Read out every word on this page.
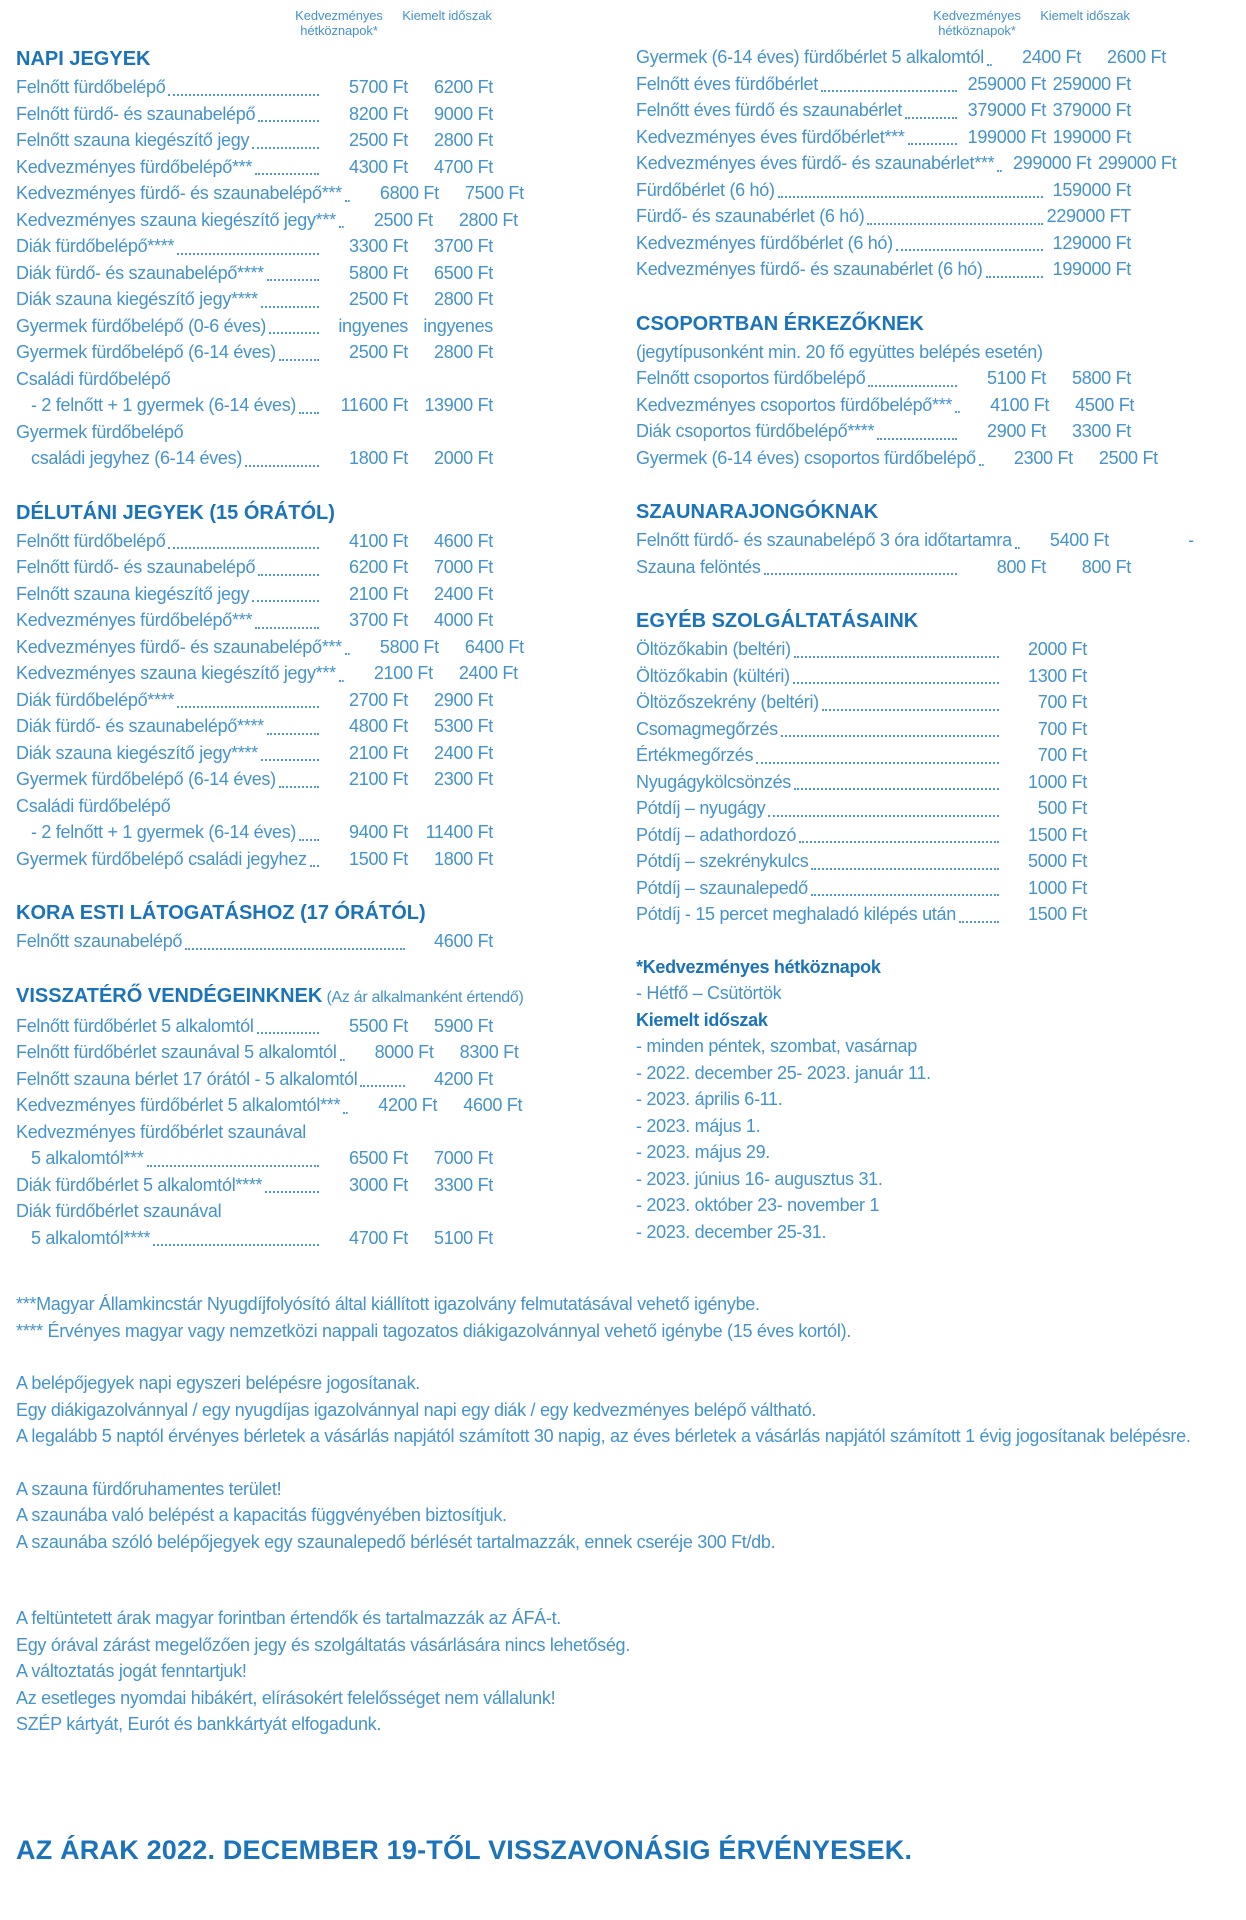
Kedvezményes hétköznapok*
Kiemelt időszak
NAPI JEGYEK
Felnőtt fürdőbelépő	5700 Ft	6200 Ft
Felnőtt fürdő- és szaunabelépő	8200 Ft	9000 Ft
Felnőtt szauna kiegészítő jegy	2500 Ft	2800 Ft
Kedvezményes fürdőbelépő***	4300 Ft	4700 Ft
Kedvezményes fürdő- és szaunabelépő***	6800 Ft	7500 Ft
Kedvezményes szauna kiegészítő jegy***	2500 Ft	2800 Ft
Diák fürdőbelépő****	3300 Ft	3700 Ft
Diák fürdő- és szaunabelépő****	5800 Ft	6500 Ft
Diák szauna kiegészítő jegy****	2500 Ft	2800 Ft
Gyermek fürdőbelépő (0-6 éves)	ingyenes ingyenes
Gyermek fürdőbelépő (6-14 éves)	2500 Ft	2800 Ft
Családi fürdőbelépő
- 2 felnőtt + 1 gyermek (6-14 éves)	11600 Ft 13900 Ft
Gyermek fürdőbelépő
családi jegyhez (6-14 éves)	1800 Ft	2000 Ft
DÉLUTÁNI JEGYEK (15 ÓRÁTÓL)
Felnőtt fürdőbelépő	4100 Ft	4600 Ft
Felnőtt fürdő- és szaunabelépő	6200 Ft	7000 Ft
Felnőtt szauna kiegészítő jegy	2100 Ft	2400 Ft
Kedvezményes fürdőbelépő***	3700 Ft	4000 Ft
Kedvezményes fürdő- és szaunabelépő***	5800 Ft	6400 Ft
Kedvezményes szauna kiegészítő jegy***	2100 Ft	2400 Ft
Diák fürdőbelépő****	2700 Ft	2900 Ft
Diák fürdő- és szaunabelépő****	4800 Ft	5300 Ft
Diák szauna kiegészítő jegy****	2100 Ft	2400 Ft
Gyermek fürdőbelépő (6-14 éves)	2100 Ft	2300 Ft
Családi fürdőbelépő
- 2 felnőtt + 1 gyermek (6-14 éves)	9400 Ft 11400 Ft
Gyermek fürdőbelépő családi jegyhez	1500 Ft	1800 Ft
KORA ESTI LÁTOGATÁSHOZ (17 ÓRÁTÓL)
Felnőtt szaunabelépő	4600 Ft
VISSZATÉRŐ VENDÉGEINKNEK (Az ár alkalmanként értendő)
Felnőtt fürdőbérlet 5 alkalomtól	5500 Ft	5900 Ft
Felnőtt fürdőbérlet szaunával 5 alkalomtól	8000 Ft	8300 Ft
Felnőtt szauna bérlet 17 órától - 5 alkalomtól	4200 Ft
Kedvezményes fürdőbérlet 5 alkalomtól***	4200 Ft	4600 Ft
Kedvezményes fürdőbérlet szaunával
5 alkalomtól***	6500 Ft	7000 Ft
Diák fürdőbérlet 5 alkalomtól****	3000 Ft	3300 Ft
Diák fürdőbérlet szaunával
5 alkalomtól****	4700 Ft	5100 Ft
Kedvezményes hétköznapok*
Kiemelt időszak
Gyermek (6-14 éves) fürdőbérlet 5 alkalomtól	2400 Ft	2600 Ft
Felnőtt éves fürdőbérlet	259000 Ft 259000 Ft
Felnőtt éves fürdő és szaunabérlet	379000 Ft 379000 Ft
Kedvezményes éves fürdőbérlet***	199000 Ft 199000 Ft
Kedvezményes éves fürdő- és szaunabérlet***	299000 Ft 299000 Ft
Fürdőbérlet (6 hó)	159000 Ft
Fürdő- és szaunabérlet (6 hó)	229000 FT
Kedvezményes fürdőbérlet (6 hó)	129000 Ft
Kedvezményes fürdő- és szaunabérlet (6 hó)	199000 Ft
CSOPORTBAN ÉRKEZŐKNEK
(jegytípusonként min. 20 fő együttes belépés esetén)
Felnőtt csoportos fürdőbelépő	5100 Ft	5800 Ft
Kedvezményes csoportos fürdőbelépő***	4100 Ft	4500 Ft
Diák csoportos fürdőbelépő****	2900 Ft	3300 Ft
Gyermek (6-14 éves) csoportos fürdőbelépő	2300 Ft	2500 Ft
SZAUNARAJONGÓKNAK
Felnőtt fürdő- és szaunabelépő 3 óra időtartamra	5400 Ft	-
Szauna felöntés	800 Ft	800 Ft
EGYÉB SZOLGÁLTATÁSAINK
Öltözőkabin (beltéri)	2000 Ft
Öltözőkabin (kültéri)	1300 Ft
Öltözőszekrény (beltéri)	700 Ft
Csomagmegőrzés	700 Ft
Értékmegőrzés	700 Ft
Nyugágykölcsönzés	1000 Ft
Pótdíj – nyugágy	500 Ft
Pótdíj – adathordozó	1500 Ft
Pótdíj – szekrénykulcs	5000 Ft
Pótdíj – szaunalepedő	1000 Ft
Pótdíj - 15 percet meghaladó kilépés után	1500 Ft
*Kedvezményes hétköznapok
- Hétfő – Csütörtök
Kiemelt időszak
- minden péntek, szombat, vasárnap
- 2022. december 25- 2023. január 11.
- 2023. április 6-11.
- 2023. május 1.
- 2023. május 29.
- 2023. június 16- augusztus 31.
- 2023. október 23- november 1
- 2023. december 25-31.

***Magyar Államkincstár Nyugdíjfolyósító által kiállított igazolvány felmutatásával vehető igénybe.

**** Érvényes magyar vagy nemzetközi nappali tagozatos diákigazolvánnyal vehető igénybe (15 éves kortól).

A belépőjegyek napi egyszeri belépésre jogosítanak.

Egy diákigazolvánnyal / egy nyugdíjas igazolvánnyal napi egy diák / egy kedvezményes belépő váltható.

A legalább 5 naptól érvényes bérletek a vásárlás napjától számított 30 napig, az éves bérletek a vásárlás napjától számított 1 évig jogosítanak belépésre.

A szauna fürdőruhamentes terület!

A szaunába való belépést a kapacitás függvényében biztosítjuk.

A szaunába szóló belépőjegyek egy szaunalepedő bérlését tartalmazzák, ennek cseréje 300 Ft/db.

A feltüntetett árak magyar forintban értendők és tartalmazzák az ÁFÁ-t.

Egy órával zárást megelőzően jegy és szolgáltatás vásárlására nincs lehetőség.

A változtatás jogát fenntartjuk!

Az esetleges nyomdai hibákért, elírásokért felelősséget nem vállalunk!

SZÉP kártyát, Eurót és bankkártyát elfogadunk.

AZ ÁRAK 2022. DECEMBER 19-TŐL VISSZAVONÁSIG ÉRVÉNYESEK.
